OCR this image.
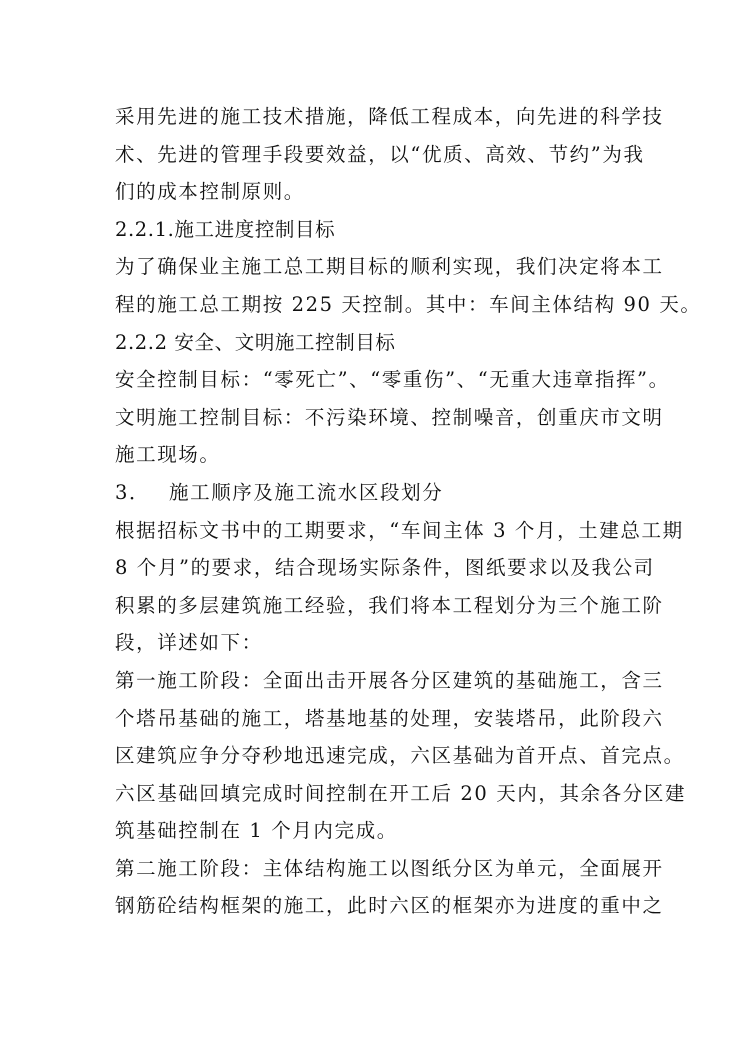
采用先进的施工技术措施，降低工程成本，向先进的科学技
术、先进的管理手段要效益，以“优质、高效、节约”为我
们的成本控制原则。
2.2.1.施工进度控制目标
为了确保业主施工总工期目标的顺利实现，我们决定将本工
程的施工总工期按 225 天控制。其中：车间主体结构 90 天。
2.2.2 安全、文明施工控制目标
安全控制目标：“零死亡”、“零重伤”、“无重大违章指挥”。
文明施工控制目标：不污染环境、控制噪音，创重庆市文明
施工现场。
3． 施工顺序及施工流水区段划分
根据招标文书中的工期要求，“车间主体 3 个月，土建总工期
8 个月”的要求，结合现场实际条件，图纸要求以及我公司
积累的多层建筑施工经验，我们将本工程划分为三个施工阶
段，详述如下：
第一施工阶段：全面出击开展各分区建筑的基础施工，含三
个塔吊基础的施工，塔基地基的处理，安装塔吊，此阶段六
区建筑应争分夺秒地迅速完成，六区基础为首开点、首完点。
六区基础回填完成时间控制在开工后 20 天内，其余各分区建
筑基础控制在 1 个月内完成。
第二施工阶段：主体结构施工以图纸分区为单元，全面展开
钢筋砼结构框架的施工，此时六区的框架亦为进度的重中之
